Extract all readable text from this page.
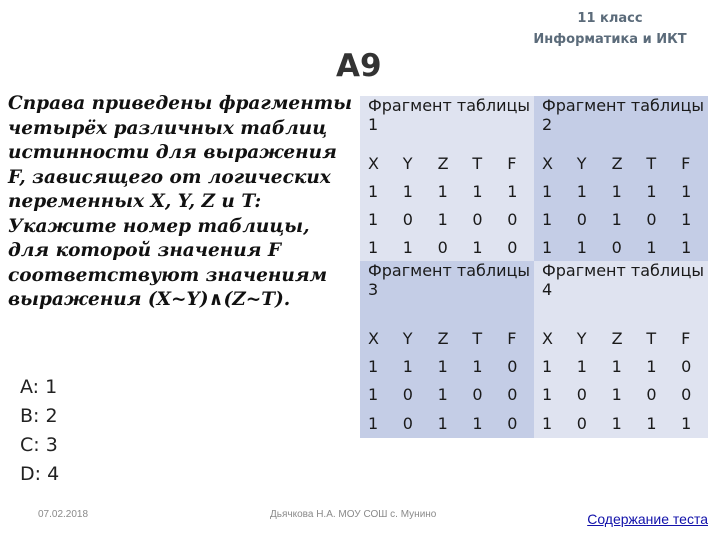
11 класс
Информатика и ИКТ
А9
Справа приведены фрагменты четырёх различных таблиц истинности для выражения F, зависящего от логических переменных X, Y, Z и T: Укажите номер таблицы, для которой значения F соответствуют значениям выражения (X~Y)∧(Z~T).
A: 1
B: 2
C: 3
D: 4
Фрагмент таблицы 1					Фрагмент таблицы 2				

X	Y	Z	T	F	X	Y	Z	T	F
1	1	1	1	1	1	1	1	1	1
1	0	1	0	0	1	0	1	0	1
1	1	0	1	0	1	1	0	1	1
Фрагмент таблицы 3					Фрагмент таблицы 4				

X	Y	Z	T	F	X	Y	Z	T	F
1	1	1	1	0	1	1	1	1	0
1	0	1	0	0	1	0	1	0	0
1	0	1	1	0	1	0	1	1	1
07.02.2018	Дьячкова Н.А. МОУ СОШ с. Мунино	Содержание теста
